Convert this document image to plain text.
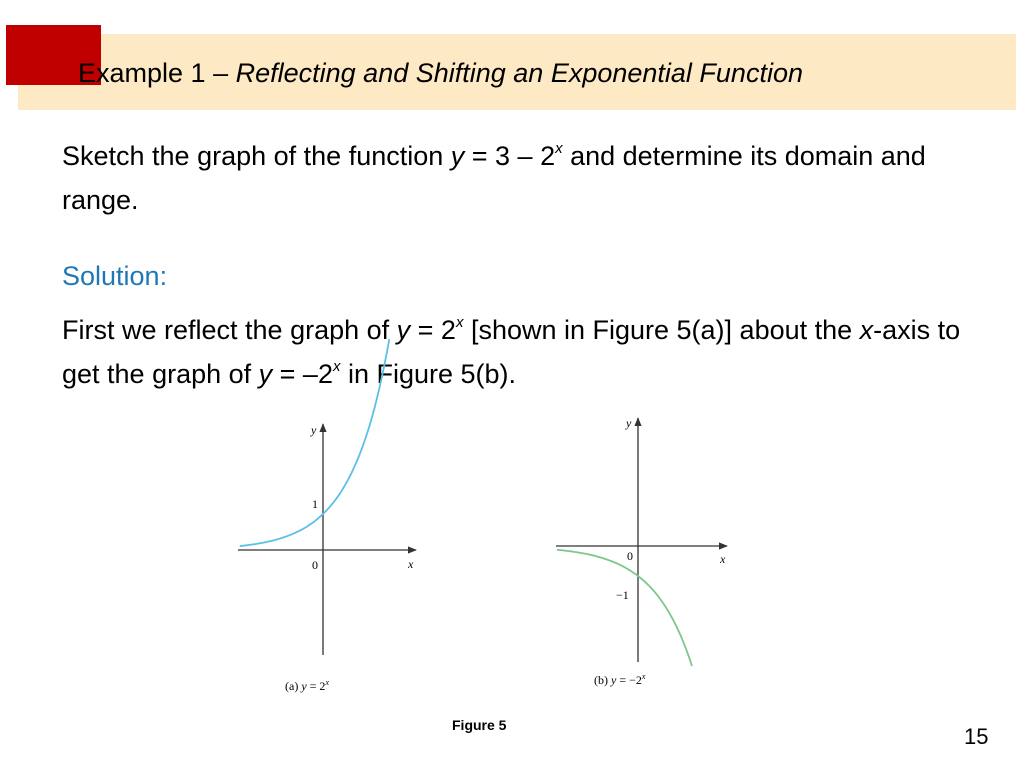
Example 1 – Reflecting and Shifting an Exponential Function
Sketch the graph of the function y = 3 – 2$^x$ and determine its domain and range.
Solution:
First we reflect the graph of $y = 2^x$ [shown in Figure 5(a)] about the x-axis to get the graph of $y = -2^x$ in Figure 5(b).
y
x
0
1
(a) $y = 2^x$
y
x
0
−1
(b) $y = -2^x$
Figure 5	15
